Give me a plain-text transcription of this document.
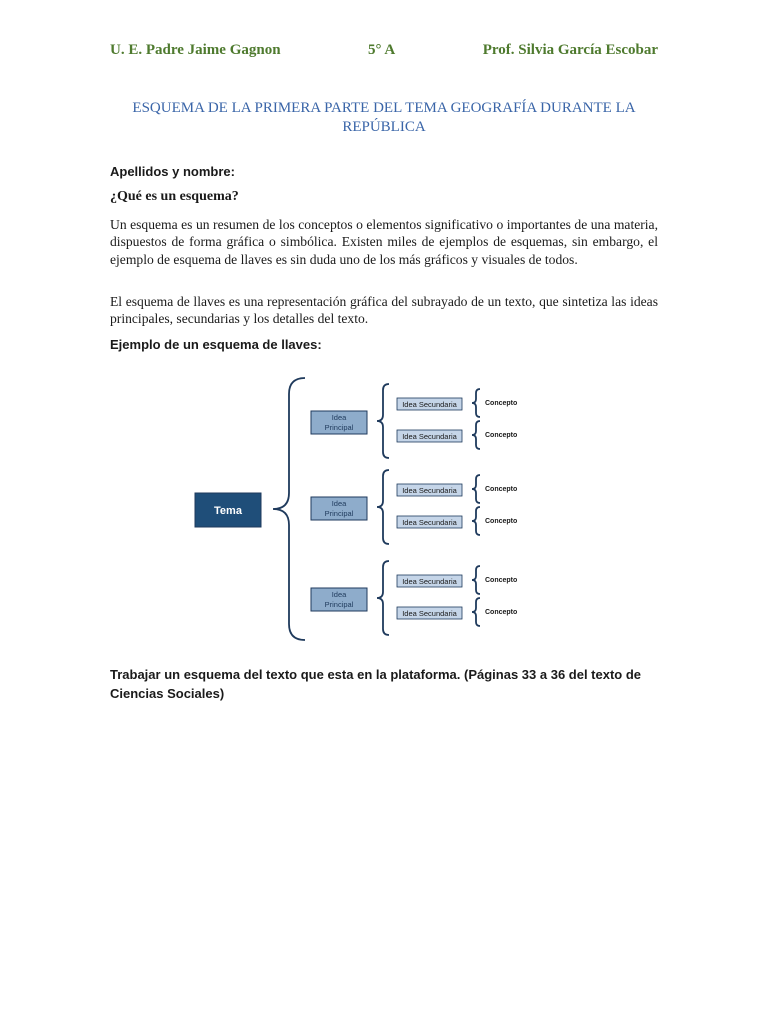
U. E. Padre Jaime Gagnon	5° A	Prof. Silvia García Escobar
ESQUEMA DE LA PRIMERA PARTE DEL TEMA GEOGRAFÍA DURANTE LA REPÚBLICA
Apellidos y nombre:
¿Qué es un esquema?
Un esquema es un resumen de los conceptos o elementos significativo o importantes de una materia, dispuestos de forma gráfica o simbólica. Existen miles de ejemplos de esquemas, sin embargo, el ejemplo de esquema de llaves es sin duda uno de los más gráficos y visuales de todos.
El esquema de llaves es una representación gráfica del subrayado de un texto, que sintetiza las ideas principales, secundarias y los detalles del texto.
Ejemplo de un esquema de llaves:
Tema
Idea
Principal
Idea Secundaria	Concepto
Idea Secundaria	Concepto
Idea
Principal
Idea Secundaria	Concepto
Idea Secundaria	Concepto
Idea
Principal
Idea Secundaria	Concepto
Idea Secundaria	Concepto
Trabajar un esquema del texto que esta en la plataforma. (Páginas 33 a 36 del texto de Ciencias Sociales)
